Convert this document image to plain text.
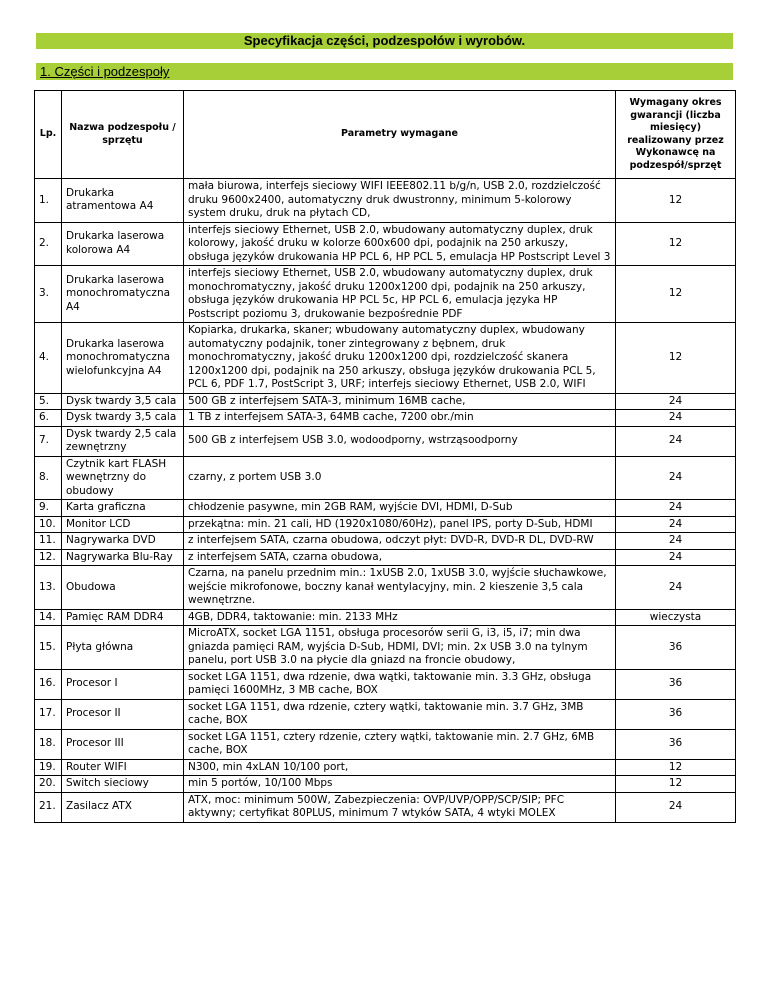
Specyfikacja części, podzespołów i wyrobów.
1. Części i podzespoły
Lp.	Nazwa podzespołu / sprzętu	Parametry wymagane	Wymagany okres gwarancji (liczba miesięcy) realizowany przez Wykonawcę na podzespół/sprzęt
1.	Drukarka atramentowa A4	mała biurowa, interfejs sieciowy WIFI IEEE802.11 b/g/n, USB 2.0, rozdzielczość druku 9600x2400, automatyczny druk dwustronny, minimum 5-kolorowy system druku, druk na płytach CD,	12
2.	Drukarka laserowa kolorowa A4	interfejs sieciowy Ethernet, USB 2.0, wbudowany automatyczny duplex, druk kolorowy, jakość druku w kolorze 600x600 dpi, podajnik na 250 arkuszy, obsługa języków drukowania HP PCL 6, HP PCL 5, emulacja HP Postscript Level 3	12
3.	Drukarka laserowa monochromatyczna A4	interfejs sieciowy Ethernet, USB 2.0, wbudowany automatyczny duplex, druk monochromatyczny, jakość druku 1200x1200 dpi, podajnik na 250 arkuszy, obsługa języków drukowania HP PCL 5c, HP PCL 6, emulacja języka HP Postscript poziomu 3, drukowanie bezpośrednie PDF	12
4.	Drukarka laserowa monochromatyczna wielofunkcyjna A4	Kopiarka, drukarka, skaner; wbudowany automatyczny duplex, wbudowany automatyczny podajnik, toner zintegrowany z bębnem, druk monochromatyczny, jakość druku 1200x1200 dpi, rozdzielczość skanera 1200x1200 dpi, podajnik na 250 arkuszy, obsługa języków drukowania PCL 5, PCL 6, PDF 1.7, PostScript 3, URF; interfejs sieciowy Ethernet, USB 2.0, WIFI	12
5.	Dysk twardy 3,5 cala	500 GB z interfejsem SATA-3, minimum 16MB cache,	24
6.	Dysk twardy 3,5 cala	1 TB z interfejsem SATA-3, 64MB cache, 7200 obr./min	24
7.	Dysk twardy 2,5 cala zewnętrzny	500 GB z interfejsem USB 3.0, wodoodporny, wstrząsoodporny	24
8.	Czytnik kart FLASH wewnętrzny do obudowy	czarny, z portem USB 3.0	24
9.	Karta graficzna	chłodzenie pasywne, min 2GB RAM, wyjście DVI, HDMI, D-Sub	24
10.	Monitor LCD	przekątna: min. 21 cali, HD (1920x1080/60Hz), panel IPS, porty D-Sub, HDMI	24
11.	Nagrywarka DVD	z interfejsem SATA, czarna obudowa, odczyt płyt: DVD-R, DVD-R DL, DVD-RW	24
12.	Nagrywarka Blu-Ray	z interfejsem SATA, czarna obudowa,	24
13.	Obudowa	Czarna, na panelu przednim min.: 1xUSB 2.0, 1xUSB 3.0, wyjście słuchawkowe, wejście mikrofonowe, boczny kanał wentylacyjny, min. 2 kieszenie 3,5 cala wewnętrzne.	24
14.	Pamięc RAM DDR4	4GB, DDR4, taktowanie: min. 2133 MHz	wieczysta
15.	Płyta główna	MicroATX, socket LGA 1151, obsługa procesorów serii G, i3, i5, i7; min dwa gniazda pamięci RAM, wyjścia D-Sub, HDMI, DVI; min. 2x USB 3.0 na tylnym panelu, port USB 3.0 na płycie dla gniazd na froncie obudowy,	36
16.	Procesor I	socket LGA 1151, dwa rdzenie, dwa wątki, taktowanie min. 3.3 GHz, obsługa pamięci 1600MHz, 3 MB cache, BOX	36
17.	Procesor II	socket LGA 1151, dwa rdzenie, cztery wątki, taktowanie min. 3.7 GHz, 3MB cache, BOX	36
18.	Procesor III	socket LGA 1151, cztery rdzenie, cztery wątki, taktowanie min. 2.7 GHz, 6MB cache, BOX	36
19.	Router WIFI	N300, min 4xLAN 10/100 port,	12
20.	Switch sieciowy	min 5 portów, 10/100 Mbps	12
21.	Zasilacz ATX	ATX, moc: minimum 500W, Zabezpieczenia: OVP/UVP/OPP/SCP/SIP; PFC aktywny; certyfikat 80PLUS, minimum 7 wtyków SATA, 4 wtyki MOLEX	24
